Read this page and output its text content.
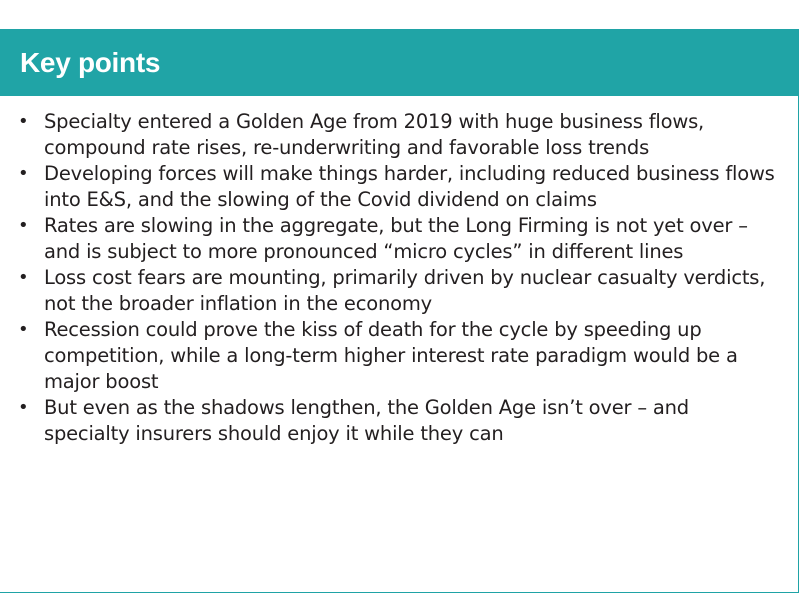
Key points
• Specialty entered a Golden Age from 2019 with huge business flows, compound rate rises, re-underwriting and favorable loss trends
• Developing forces will make things harder, including reduced business flows into E&S, and the slowing of the Covid dividend on claims
• Rates are slowing in the aggregate, but the Long Firming is not yet over – and is subject to more pronounced “micro cycles” in different lines
• Loss cost fears are mounting, primarily driven by nuclear casualty verdicts, not the broader inflation in the economy
• Recession could prove the kiss of death for the cycle by speeding up competition, while a long-term higher interest rate paradigm would be a major boost
• But even as the shadows lengthen, the Golden Age isn’t over – and specialty insurers should enjoy it while they can
